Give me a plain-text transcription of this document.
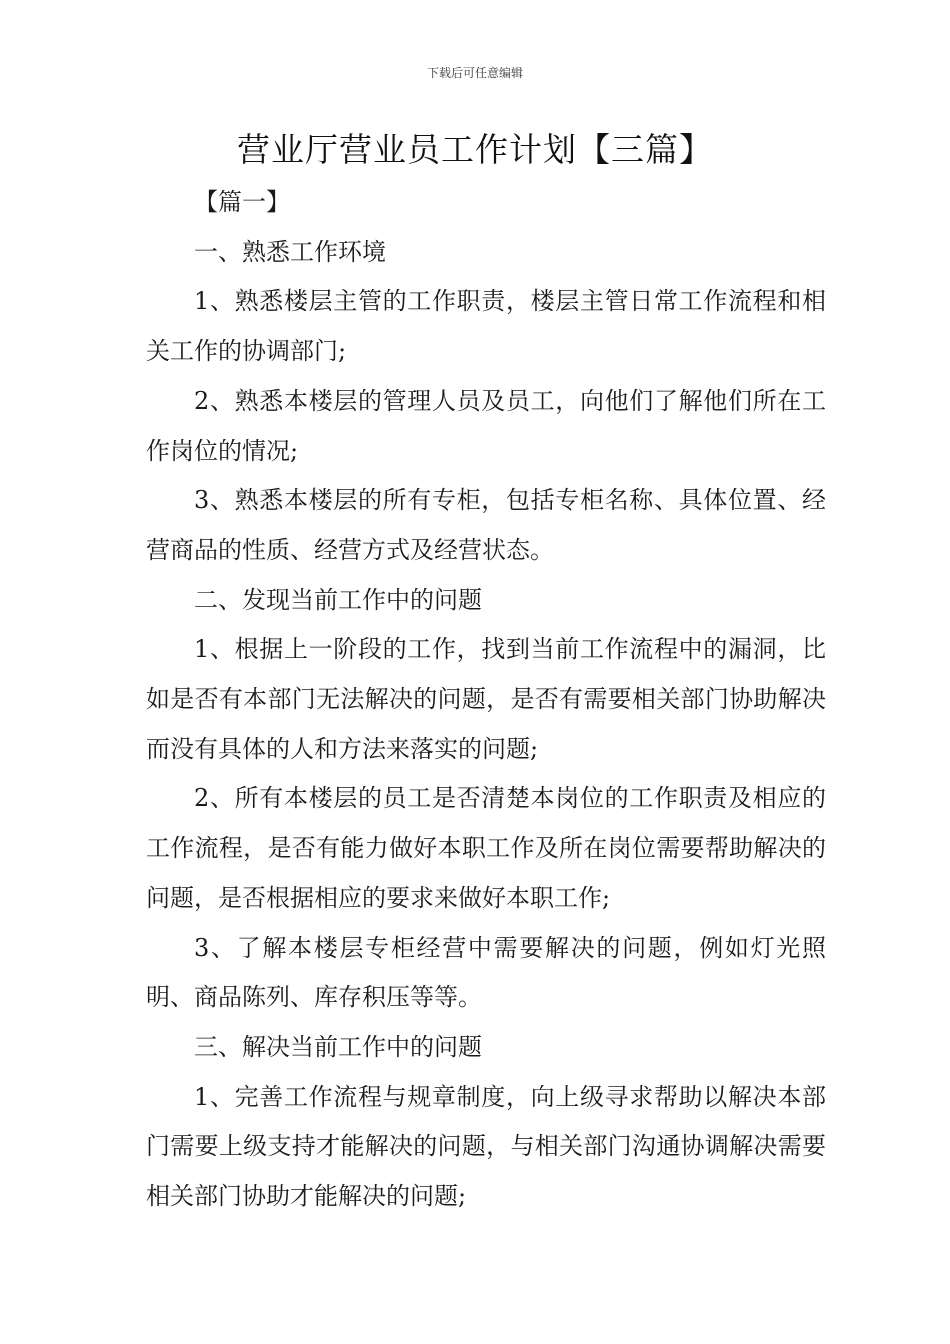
下载后可任意编辑
营业厅营业员工作计划【三篇】

【篇一】

一、熟悉工作环境

1、熟悉楼层主管的工作职责，楼层主管日常工作流程和相关工作的协调部门;

2、熟悉本楼层的管理人员及员工，向他们了解他们所在工作岗位的情况;

3、熟悉本楼层的所有专柜，包括专柜名称、具体位置、经营商品的性质、经营方式及经营状态。

二、发现当前工作中的问题

1、根据上一阶段的工作，找到当前工作流程中的漏洞，比如是否有本部门无法解决的问题，是否有需要相关部门协助解决而没有具体的人和方法来落实的问题;

2、所有本楼层的员工是否清楚本岗位的工作职责及相应的工作流程，是否有能力做好本职工作及所在岗位需要帮助解决的问题，是否根据相应的要求来做好本职工作;

3、了解本楼层专柜经营中需要解决的问题，例如灯光照明、商品陈列、库存积压等等。

三、解决当前工作中的问题

1、完善工作流程与规章制度，向上级寻求帮助以解决本部门需要上级支持才能解决的问题，与相关部门沟通协调解决需要相关部门协助才能解决的问题;
